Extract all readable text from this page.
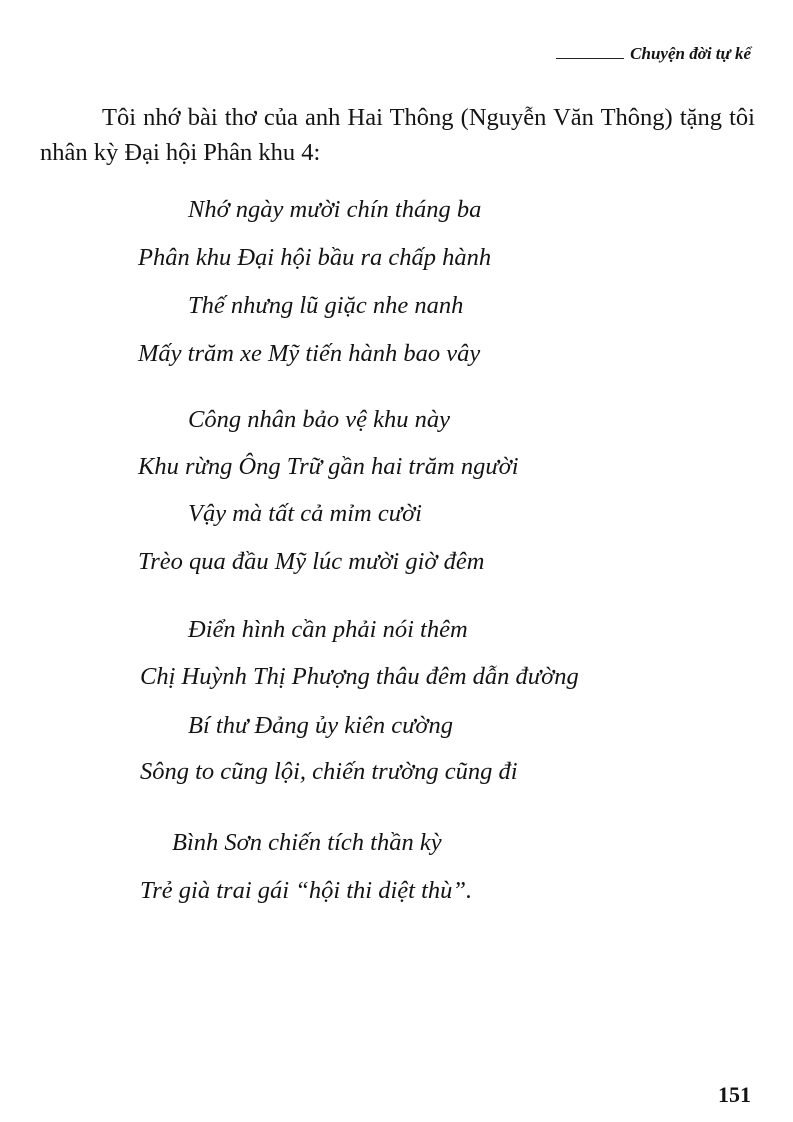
Chuyện đời tự kể

Tôi nhớ bài thơ của anh Hai Thông (Nguyễn Văn Thông) tặng tôi nhân kỳ Đại hội Phân khu 4:

Nhớ ngày mười chín tháng ba

Phân khu Đại hội bầu ra chấp hành

Thế nhưng lũ giặc nhe nanh

Mấy trăm xe Mỹ tiến hành bao vây

Công nhân bảo vệ khu này

Khu rừng Ông Trữ gần hai trăm người

Vậy mà tất cả mỉm cười

Trèo qua đầu Mỹ lúc mười giờ đêm

Điển hình cần phải nói thêm

Chị Huỳnh Thị Phượng thâu đêm dẫn đường

Bí thư Đảng ủy kiên cường

Sông to cũng lội, chiến trường cũng đi

Bình Sơn chiến tích thần kỳ

Trẻ già trai gái “hội thi diệt thù”.

151
